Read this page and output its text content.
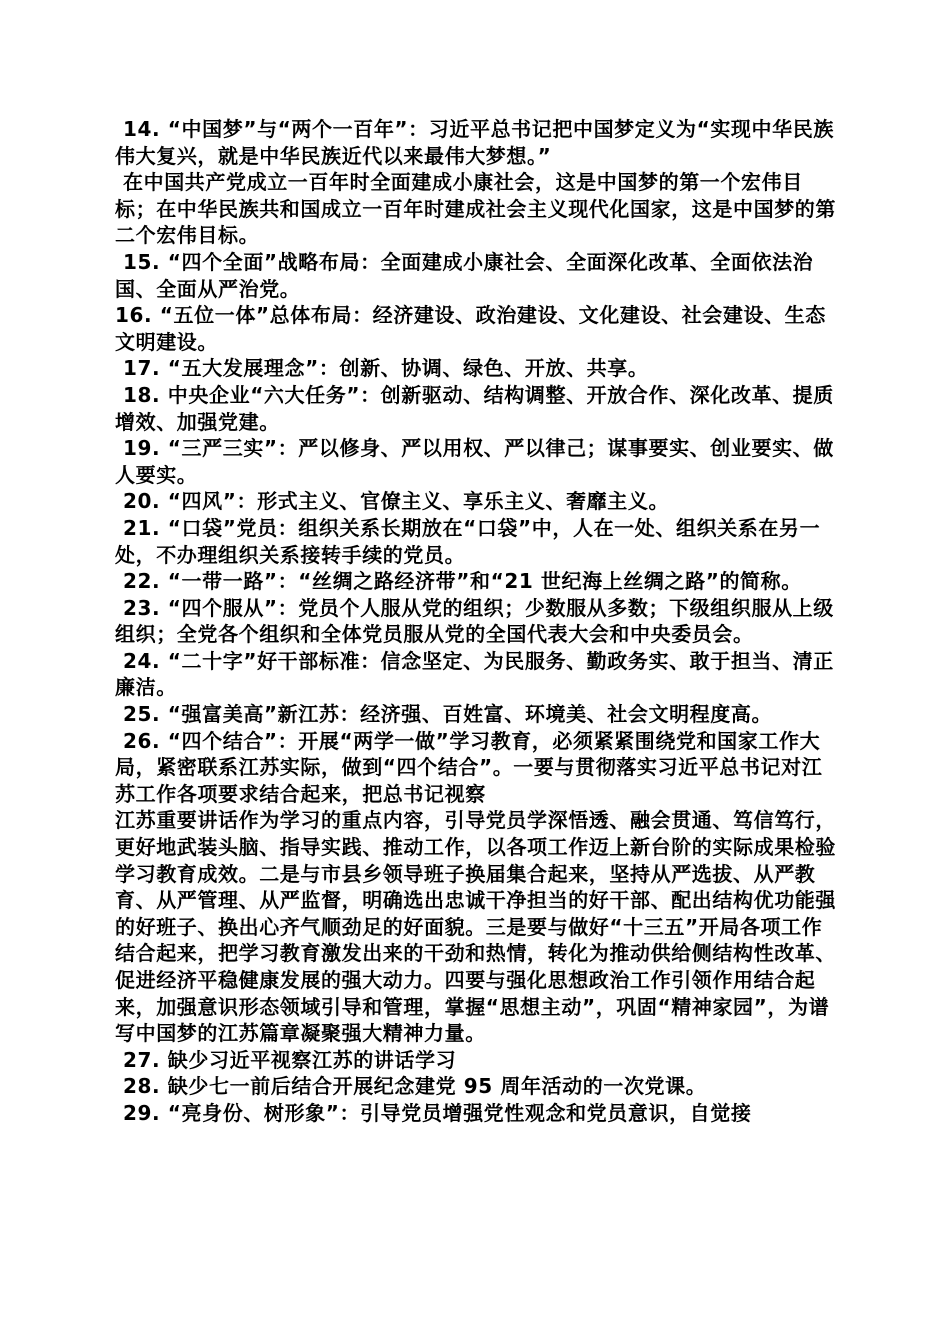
14. “中国梦”与“两个一百年”：习近平总书记把中国梦定义为“实现中华民族伟大复兴，就是中华民族近代以来最伟大梦想。”

在中国共产党成立一百年时全面建成小康社会，这是中国梦的第一个宏伟目标；在中华民族共和国成立一百年时建成社会主义现代化国家，这是中国梦的第二个宏伟目标。

15. “四个全面”战略布局：全面建成小康社会、全面深化改革、全面依法治国、全面从严治党。

16. “五位一体”总体布局：经济建设、政治建设、文化建设、社会建设、生态文明建设。

17. “五大发展理念”：创新、协调、绿色、开放、共享。

18. 中央企业“六大任务”：创新驱动、结构调整、开放合作、深化改革、提质增效、加强党建。

19. “三严三实”：严以修身、严以用权、严以律己；谋事要实、创业要实、做人要实。

20. “四风”：形式主义、官僚主义、享乐主义、奢靡主义。

21. “口袋”党员：组织关系长期放在“口袋”中，人在一处、组织关系在另一处，不办理组织关系接转手续的党员。

22. “一带一路”：“丝绸之路经济带”和“21 世纪海上丝绸之路”的简称。

23. “四个服从”：党员个人服从党的组织；少数服从多数；下级组织服从上级组织；全党各个组织和全体党员服从党的全国代表大会和中央委员会。

24. “二十字”好干部标准：信念坚定、为民服务、勤政务实、敢于担当、清正廉洁。

25. “强富美高”新江苏：经济强、百姓富、环境美、社会文明程度高。

26. “四个结合”：开展“两学一做”学习教育，必须紧紧围绕党和国家工作大局，紧密联系江苏实际，做到“四个结合”。一要与贯彻落实习近平总书记对江苏工作各项要求结合起来，把总书记视察

江苏重要讲话作为学习的重点内容，引导党员学深悟透、融会贯通、笃信笃行，更好地武装头脑、指导实践、推动工作，以各项工作迈上新台阶的实际成果检验学习教育成效。二是与市县乡领导班子换届集合起来，坚持从严选拔、从严教育、从严管理、从严监督，明确选出忠诚干净担当的好干部、配出结构优功能强的好班子、换出心齐气顺劲足的好面貌。三是要与做好“十三五”开局各项工作结合起来，把学习教育激发出来的干劲和热情，转化为推动供给侧结构性改革、促进经济平稳健康发展的强大动力。四要与强化思想政治工作引领作用结合起来，加强意识形态领域引导和管理，掌握“思想主动”，巩固“精神家园”，为谱写中国梦的江苏篇章凝聚强大精神力量。

27. 缺少习近平视察江苏的讲话学习

28. 缺少七一前后结合开展纪念建党 95 周年活动的一次党课。

29. “亮身份、树形象”：引导党员增强党性观念和党员意识，自觉接
